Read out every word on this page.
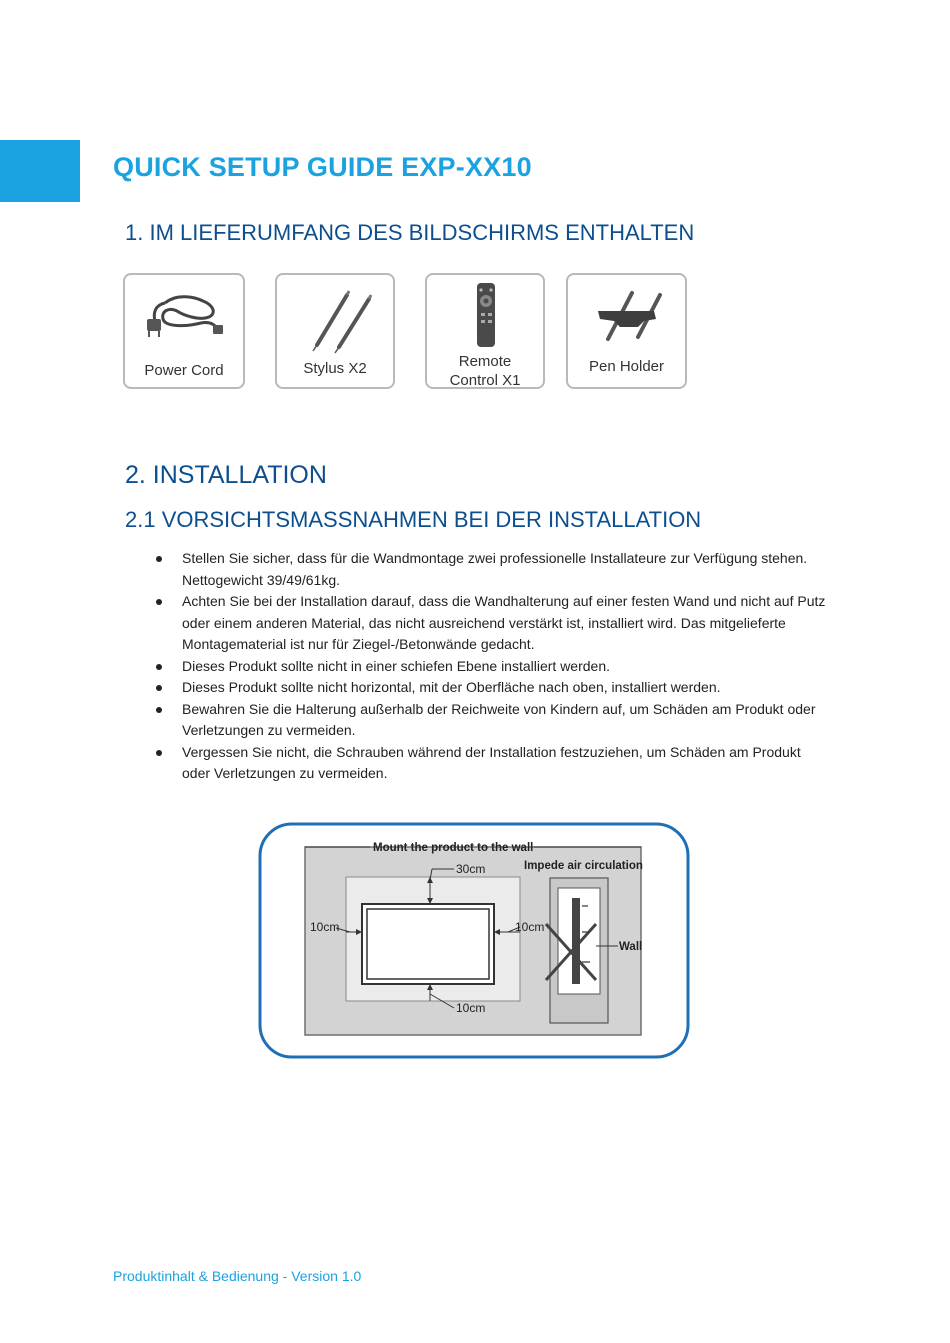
QUICK SETUP GUIDE EXP-XX10
1. IM LIEFERUMFANG DES BILDSCHIRMS ENTHALTEN
Power Cord	Stylus X2	Remote
Control X1
Pen Holder
2. INSTALLATION
2.1 VORSICHTSMASSNAHMEN BEI DER INSTALLATION
Stellen Sie sicher, dass für die Wandmontage zwei professionelle Installateure zur Verfügung stehen. Nettogewicht 39/49/61kg.
Achten Sie bei der Installation darauf, dass die Wandhalterung auf einer festen Wand und nicht auf Putz oder einem anderen Material, das nicht ausreichend verstärkt ist, installiert wird. Das mitgelieferte Montagematerial ist nur für Ziegel-/Betonwände gedacht.
Dieses Produkt sollte nicht in einer schiefen Ebene installiert werden.
Dieses Produkt sollte nicht horizontal, mit der Oberfläche nach oben, installiert werden.
Bewahren Sie die Halterung außerhalb der Reichweite von Kindern auf, um Schäden am Produkt oder Verletzungen zu vermeiden.
Vergessen Sie nicht, die Schrauben während der Installation festzuziehen, um Schäden am Produkt oder Verletzungen zu vermeiden.
Mount the product to the wall
30cm
10cm	10cm
10cm
Impede air circulation
Wall

Produktinhalt & Bedienung - Version 1.0
